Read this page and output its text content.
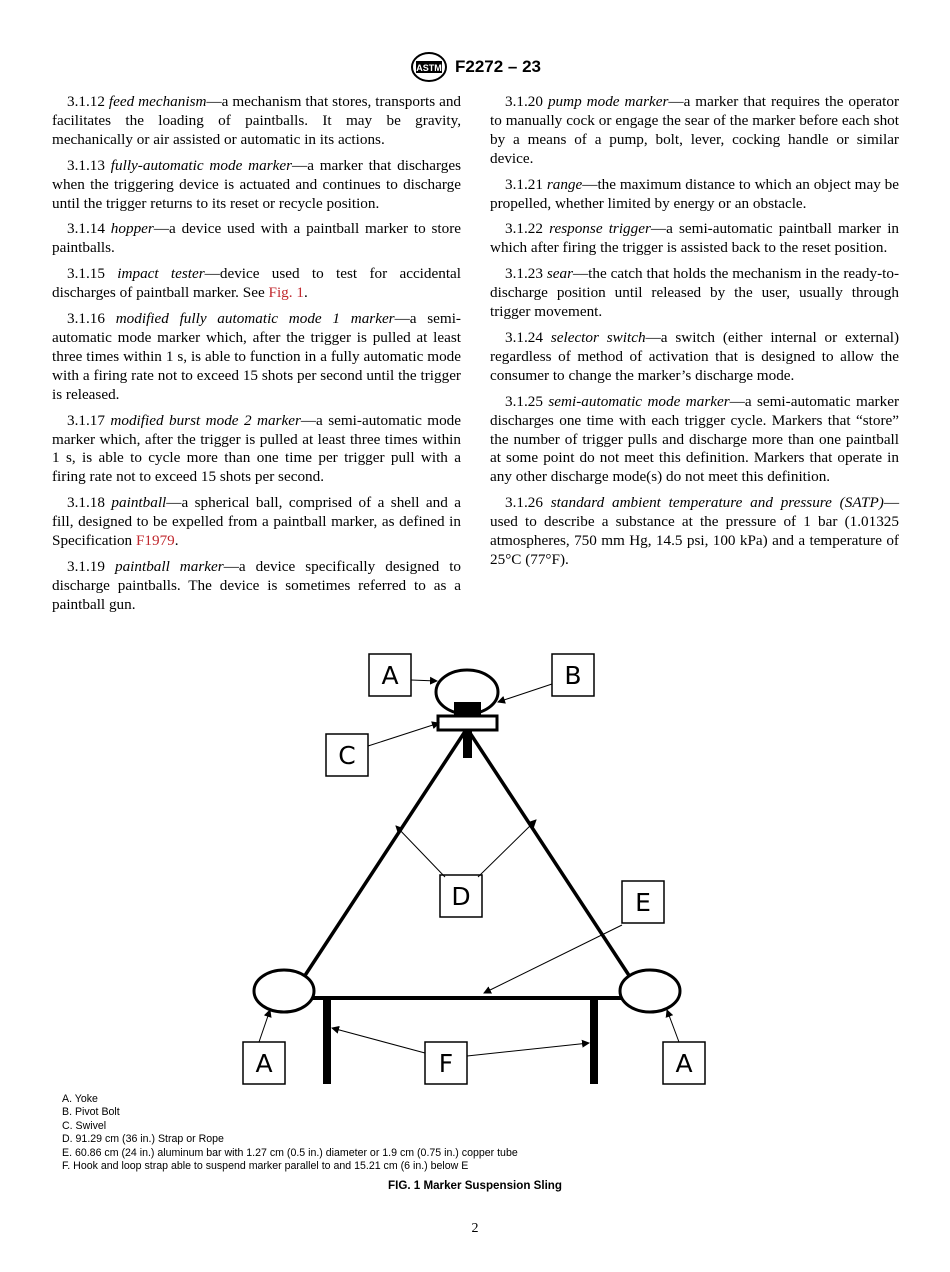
ASTM F2272 – 23

3.1.12 feed mechanism—a mechanism that stores, transports and facilitates the loading of paintballs. It may be gravity, mechanically or air assisted or automatic in its actions.

3.1.13 fully-automatic mode marker—a marker that discharges when the triggering device is actuated and continues to discharge until the trigger returns to its reset or recycle position.

3.1.14 hopper—a device used with a paintball marker to store paintballs.

3.1.15 impact tester—device used to test for accidental discharges of paintball marker. See Fig. 1.

3.1.16 modified fully automatic mode 1 marker—a semi-automatic mode marker which, after the trigger is pulled at least three times within 1 s, is able to function in a fully automatic mode with a firing rate not to exceed 15 shots per second until the trigger is released.

3.1.17 modified burst mode 2 marker—a semi-automatic mode marker which, after the trigger is pulled at least three times within 1 s, is able to cycle more than one time per trigger pull with a firing rate not to exceed 15 shots per second.

3.1.18 paintball—a spherical ball, comprised of a shell and a fill, designed to be expelled from a paintball marker, as defined in Specification F1979.

3.1.19 paintball marker—a device specifically designed to discharge paintballs. The device is sometimes referred to as a paintball gun.

3.1.20 pump mode marker—a marker that requires the operator to manually cock or engage the sear of the marker before each shot by a means of a pump, bolt, lever, cocking handle or similar device.

3.1.21 range—the maximum distance to which an object may be propelled, whether limited by energy or an obstacle.

3.1.22 response trigger—a semi-automatic paintball marker in which after firing the trigger is assisted back to the reset position.

3.1.23 sear—the catch that holds the mechanism in the ready-to-discharge position until released by the user, usually through trigger movement.

3.1.24 selector switch—a switch (either internal or external) regardless of method of activation that is designed to allow the consumer to change the marker’s discharge mode.

3.1.25 semi-automatic mode marker—a semi-automatic marker discharges one time with each trigger cycle. Markers that “store” the number of trigger pulls and discharge more than one paintball at some point do not meet this definition. Markers that operate in any other discharge mode(s) do not meet this definition.

3.1.26 standard ambient temperature and pressure (SATP)—used to describe a substance at the pressure of 1 bar (1.01325 atmospheres, 750 mm Hg, 14.5 psi, 100 kPa) and a temperature of 25°C (77°F).

A	B
C
D	E
A	F	A
A. Yoke
B. Pivot Bolt
C. Swivel
D. 91.29 cm (36 in.) Strap or Rope
E. 60.86 cm (24 in.) aluminum bar with 1.27 cm (0.5 in.) diameter or 1.9 cm (0.75 in.) copper tube
F. Hook and loop strap able to suspend marker parallel to and 15.21 cm (6 in.) below E
FIG. 1 Marker Suspension Sling
2
